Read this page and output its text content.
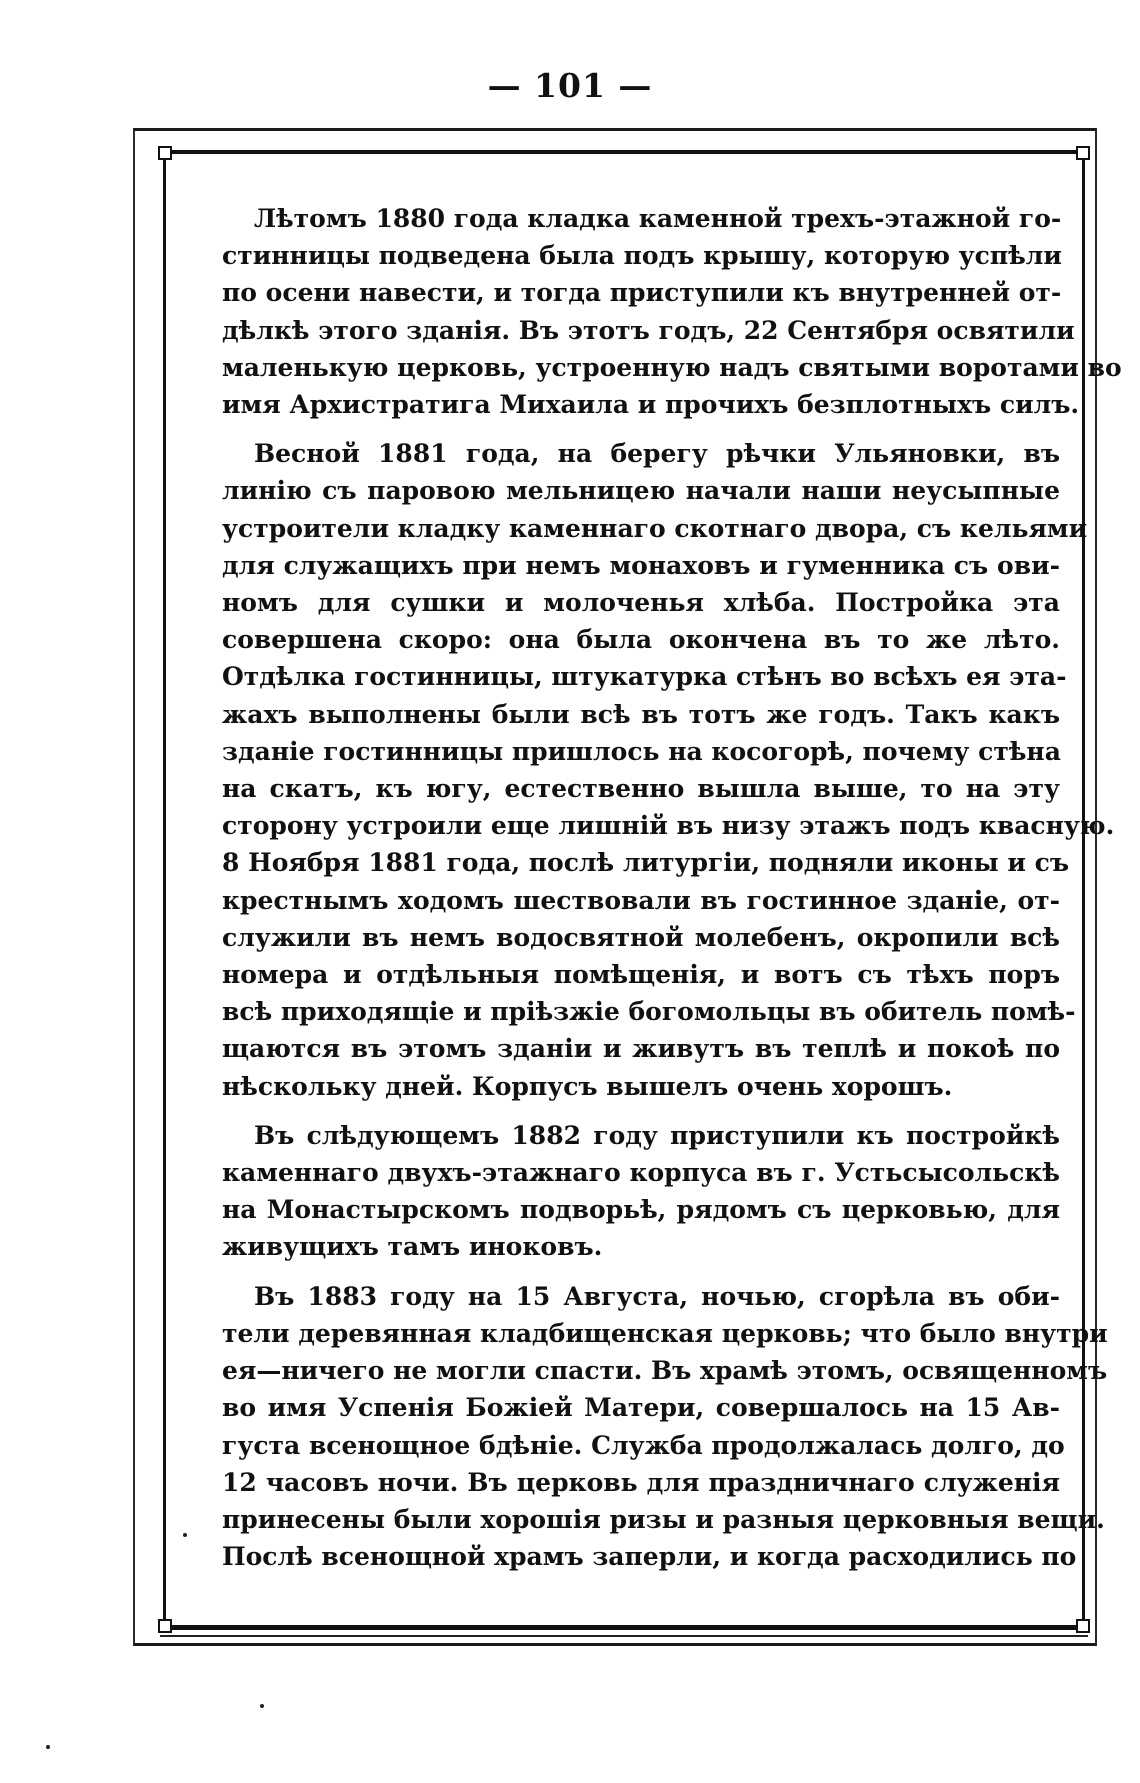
— 101 —
Лѣтомъ 1880 года кладка каменной трехъ-этажной го-
стинницы подведена была подъ крышу, которую успѣли
по осени навести, и тогда приступили къ внутренней от-
дѣлкѣ этого зданія. Въ этотъ годъ, 22 Сентября освятили
маленькую церковь, устроенную надъ святыми воротами во
имя Архистратига Михаила и прочихъ безплотныхъ силъ.
Весной 1881 года, на берегу рѣчки Ульяновки, въ
линію съ паровою мельницею начали наши неусыпные
устроители кладку каменнаго скотнаго двора, съ кельями
для служащихъ при немъ монаховъ и гуменника съ ови-
номъ для сушки и молоченья хлѣба. Постройка эта
совершена скоро: она была окончена въ то же лѣто.
Отдѣлка гостинницы, штукатурка стѣнъ во всѣхъ ея эта-
жахъ выполнены были всѣ въ тотъ же годъ. Такъ какъ
зданіе гостинницы пришлось на косогорѣ, почему стѣна
на скатъ, къ югу, естественно вышла выше, то на эту
сторону устроили еще лишній въ низу этажъ подъ квасную.
8 Ноября 1881 года, послѣ литургіи, подняли иконы и съ
крестнымъ ходомъ шествовали въ гостинное зданіе, от-
служили въ немъ водосвятной молебенъ, окропили всѣ
номера и отдѣльныя помѣщенія, и вотъ съ тѣхъ поръ
всѣ приходящіе и пріѣзжіе богомольцы въ обитель помѣ-
щаются въ этомъ зданіи и живутъ въ теплѣ и покоѣ по
нѣскольку дней. Корпусъ вышелъ очень хорошъ.
Въ слѣдующемъ 1882 году приступили къ постройкѣ
каменнаго двухъ-этажнаго корпуса въ г. Устьсысольскѣ
на Монастырскомъ подворьѣ, рядомъ съ церковью, для
живущихъ тамъ иноковъ.
Въ 1883 году на 15 Августа, ночью, сгорѣла въ оби-
тели деревянная кладбищенская церковь; что было внутри
ея—ничего не могли спасти. Въ храмѣ этомъ, освященномъ
во имя Успенія Божіей Матери, совершалось на 15 Ав-
густа всенощное бдѣніе. Служба продолжалась долго, до
12 часовъ ночи. Въ церковь для праздничнаго служенія
принесены были хорошія ризы и разныя церковныя вещи.
Послѣ всенощной храмъ заперли, и когда расходились по
